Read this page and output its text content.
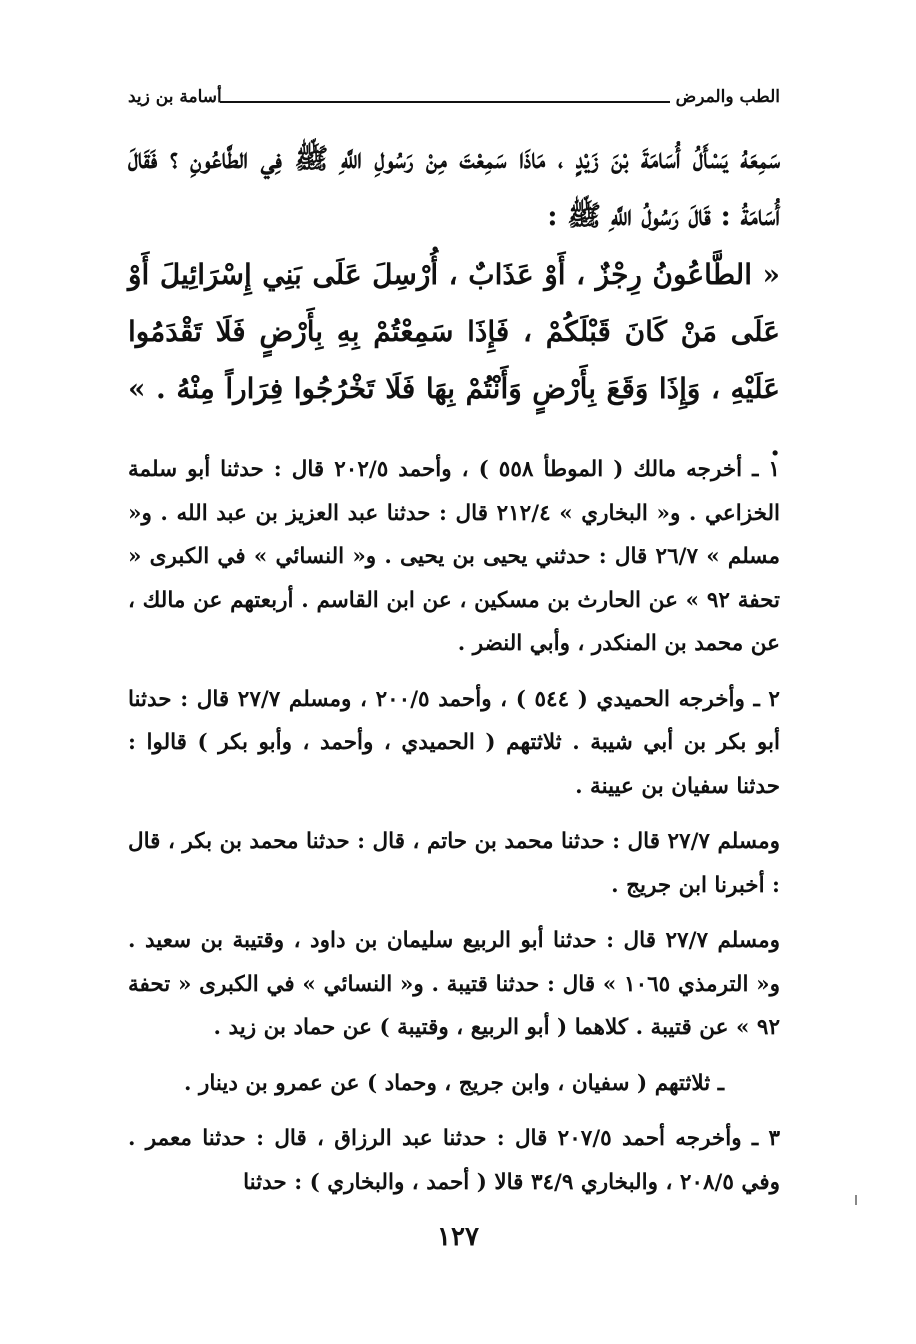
الطب والمرض
أسامة بن زيد

سَمِعَهُ يَسْأَلُ أُسَامَةَ بْنَ زَيْدٍ ، مَاذَا سَمِعْتَ مِنْ رَسُولِ اللَّهِ ﷺ فِي الطَّاعُونِ ؟ فَقَالَ أُسَامَةُ : قَالَ رَسُولُ اللَّهِ ﷺ :

« الطَّاعُونُ رِجْزٌ ، أَوْ عَذَابٌ ، أُرْسِلَ عَلَى بَنِي إِسْرَائِيلَ أَوْ عَلَى مَنْ كَانَ قَبْلَكُمْ ، فَإِذَا سَمِعْتُمْ بِهِ بِأَرْضٍ فَلَا تَقْدَمُوا عَلَيْهِ ، وَإِذَا وَقَعَ بِأَرْضٍ وَأَنْتُمْ بِهَا فَلَا تَخْرُجُوا فِرَاراً مِنْهُ . » .

١ ـ أخرجه مالك ( الموطأ ٥٥٨ ) ، وأحمد ٢٠٢/٥ قال : حدثنا أبو سلمة الخزاعي . و« البخاري » ٢١٢/٤ قال : حدثنا عبد العزيز بن عبد الله . و« مسلم » ٢٦/٧ قال : حدثني يحيى بن يحيى . و« النسائي » في الكبرى « تحفة ٩٢ » عن الحارث بن مسكين ، عن ابن القاسم . أربعتهم عن مالك ، عن محمد بن المنكدر ، وأبي النضر .

٢ ـ وأخرجه الحميدي ( ٥٤٤ ) ، وأحمد ٢٠٠/٥ ، ومسلم ٢٧/٧ قال : حدثنا أبو بكر بن أبي شيبة . ثلاثتهم ( الحميدي ، وأحمد ، وأبو بكر ) قالوا : حدثنا سفيان بن عيينة .

ومسلم ٢٧/٧ قال : حدثنا محمد بن حاتم ، قال : حدثنا محمد بن بكر ، قال : أخبرنا ابن جريج .

ومسلم ٢٧/٧ قال : حدثنا أبو الربيع سليمان بن داود ، وقتيبة بن سعيد . و« الترمذي ١٠٦٥ » قال : حدثنا قتيبة . و« النسائي » في الكبرى « تحفة ٩٢ » عن قتيبة . كلاهما ( أبو الربيع ، وقتيبة ) عن حماد بن زيد .

ـ ثلاثتهم ( سفيان ، وابن جريج ، وحماد ) عن عمرو بن دينار .

٣ ـ وأخرجه أحمد ٢٠٧/٥ قال : حدثنا عبد الرزاق ، قال : حدثنا معمر . وفي ٢٠٨/٥ ، والبخاري ٣٤/٩ قالا ( أحمد ، والبخاري ) : حدثنا

١٢٧
